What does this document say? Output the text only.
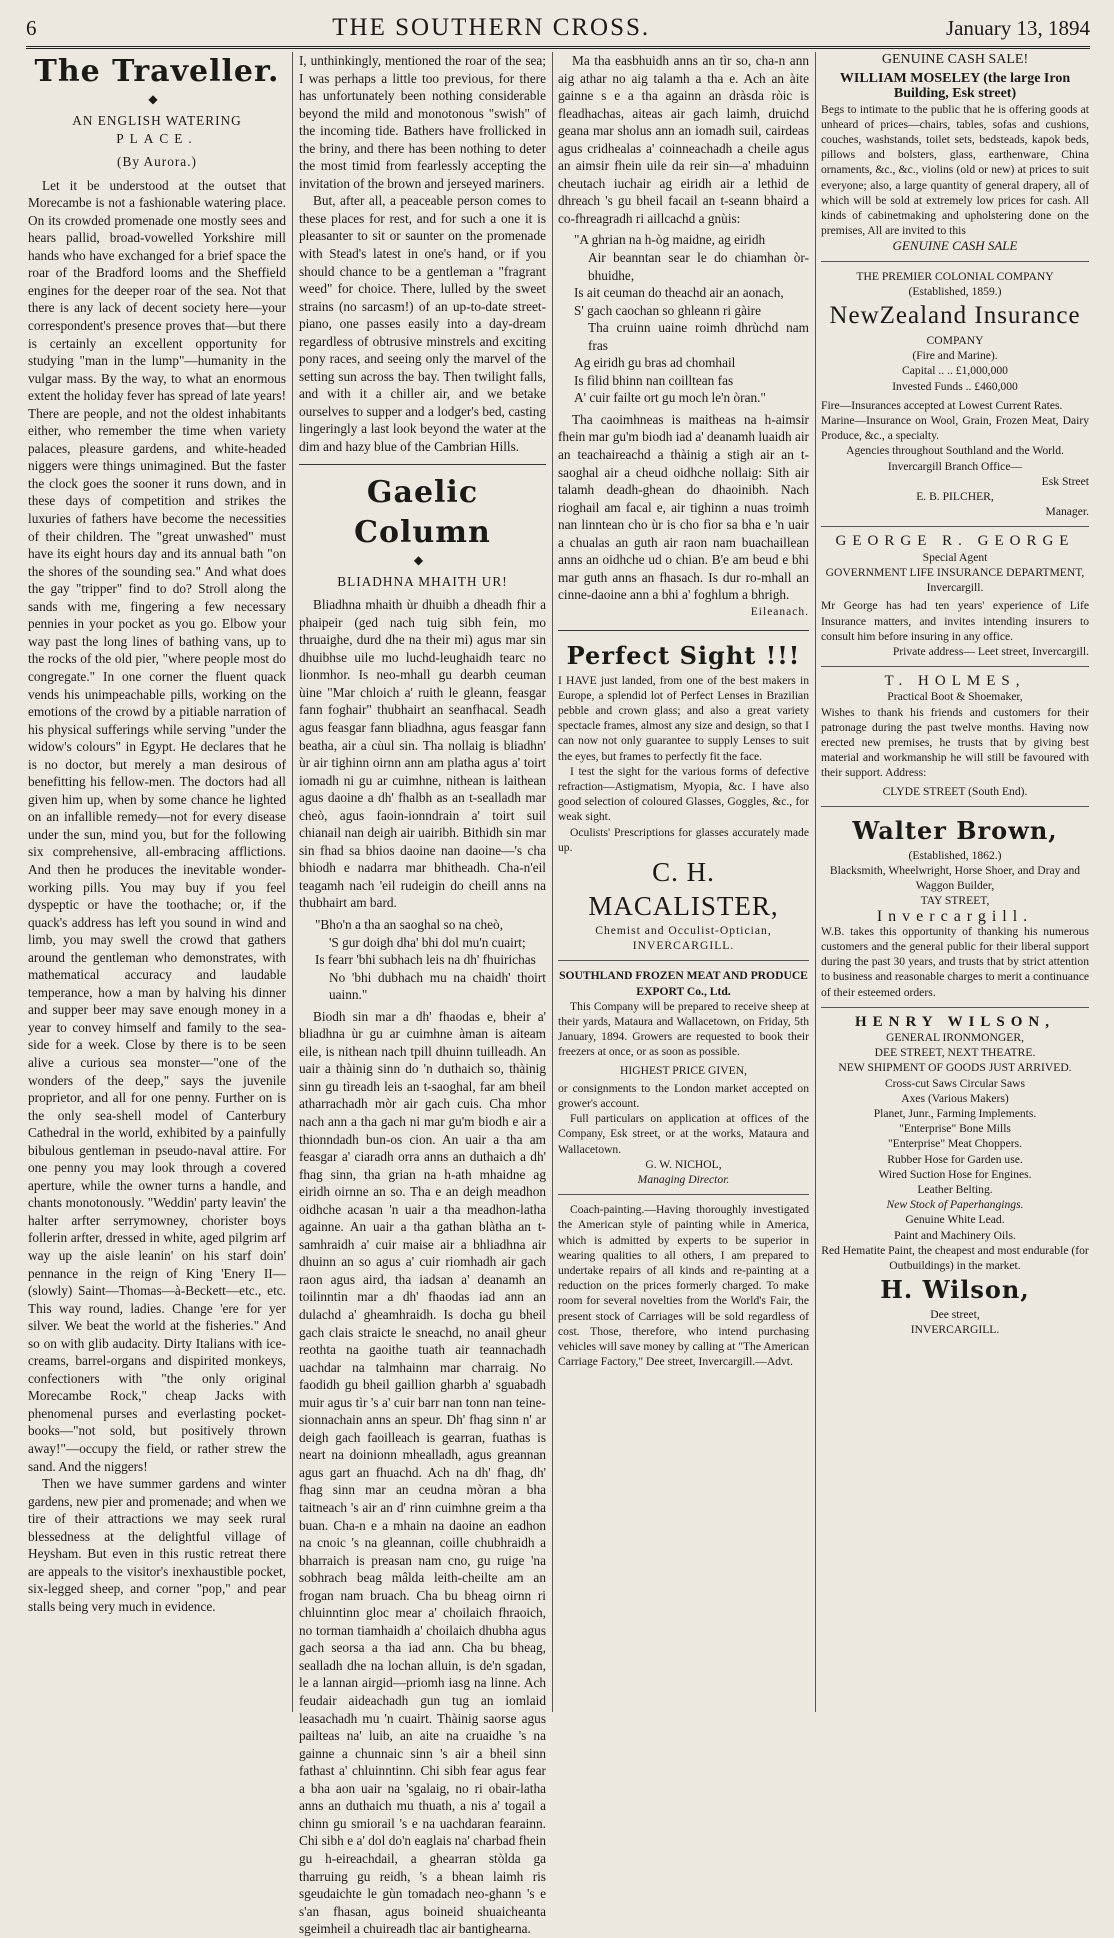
6	THE SOUTHERN CROSS.	January 13, 1894
The Traveller.
◆

AN ENGLISH WATERING

PLACE.

(By Aurora.)

Let it be understood at the outset that Morecambe is not a fashionable watering place. On its crowded promenade one mostly sees and hears pallid, broad-vowelled Yorkshire mill hands who have exchanged for a brief space the roar of the Bradford looms and the Sheffield engines for the deeper roar of the sea. Not that there is any lack of decent society here—your correspondent's presence proves that—but there is certainly an excellent opportunity for studying "man in the lump"—humanity in the vulgar mass. By the way, to what an enormous extent the holiday fever has spread of late years! There are people, and not the oldest inhabitants either, who remember the time when variety palaces, pleasure gardens, and white-headed niggers were things unimagined. But the faster the clock goes the sooner it runs down, and in these days of competition and strikes the luxuries of fathers have become the necessities of their children. The "great unwashed" must have its eight hours day and its annual bath "on the shores of the sounding sea." And what does the gay "tripper" find to do? Stroll along the sands with me, fingering a few necessary pennies in your pocket as you go. Elbow your way past the long lines of bathing vans, up to the rocks of the old pier, "where people most do congregate." In one corner the fluent quack vends his unimpeachable pills, working on the emotions of the crowd by a pitiable narration of his physical sufferings while serving "under the widow's colours" in Egypt. He declares that he is no doctor, but merely a man desirous of benefitting his fellow-men. The doctors had all given him up, when by some chance he lighted on an infallible remedy—not for every disease under the sun, mind you, but for the following six comprehensive, all-embracing afflictions. And then he produces the inevitable wonder-working pills. You may buy if you feel dyspeptic or have the toothache; or, if the quack's address has left you sound in wind and limb, you may swell the crowd that gathers around the gentleman who demonstrates, with mathematical accuracy and laudable temperance, how a man by halving his dinner and supper beer may save enough money in a year to convey himself and family to the sea-side for a week. Close by there is to be seen alive a curious sea monster—"one of the wonders of the deep," says the juvenile proprietor, and all for one penny. Further on is the only sea-shell model of Canterbury Cathedral in the world, exhibited by a painfully bibulous gentleman in pseudo-naval attire. For one penny you may look through a covered aperture, while the owner turns a handle, and chants monotonously. "Weddin' party leavin' the halter arfter serrymowney, chorister boys follerin arfter, dressed in white, aged pilgrim arf way up the aisle leanin' on his starf doin' pennance in the reign of King 'Enery II—(slowly) Saint—Thomas—à-Beckett—etc., etc. This way round, ladies. Change 'ere for yer silver. We beat the world at the fisheries." And so on with glib audacity. Dirty Italians with ice-creams, barrel-organs and dispirited monkeys, confectioners with "the only original Morecambe Rock," cheap Jacks with phenomenal purses and everlasting pocket-books—"not sold, but positively thrown away!"—occupy the field, or rather strew the sand. And the niggers!

Then we have summer gardens and winter gardens, new pier and promenade; and when we tire of their attractions we may seek rural blessedness at the delightful village of Heysham. But even in this rustic retreat there are appeals to the visitor's inexhaustible pocket, six-legged sheep, and corner "pop," and pear stalls being very much in evidence.

I, unthinkingly, mentioned the roar of the sea; I was perhaps a little too previous, for there has unfortunately been nothing considerable beyond the mild and monotonous "swish" of the incoming tide. Bathers have frollicked in the briny, and there has been nothing to deter the most timid from fearlessly accepting the invitation of the brown and jerseyed mariners.

But, after all, a peaceable person comes to these places for rest, and for such a one it is pleasanter to sit or saunter on the promenade with Stead's latest in one's hand, or if you should chance to be a gentleman a "fragrant weed" for choice. There, lulled by the sweet strains (no sarcasm!) of an up-to-date street-piano, one passes easily into a day-dream regardless of obtrusive minstrels and exciting pony races, and seeing only the marvel of the setting sun across the bay. Then twilight falls, and with it a chiller air, and we betake ourselves to supper and a lodger's bed, casting lingeringly a last look beyond the water at the dim and hazy blue of the Cambrian Hills.

Gaelic Column
◆

BLIADHNA MHAITH UR!

Bliadhna mhaith ùr dhuibh a dheadh fhir a phaipeir (ged nach tuig sibh fein, mo thruaighe, durd dhe na their mi) agus mar sin dhuibhse uile mo luchd-leughaidh tearc no lionmhor. Is neo-mhall gu dearbh ceuman ùine "Mar chloich a' ruith le gleann, feasgar fann foghair" thubhairt an seanfhacal. Seadh agus feasgar fann bliadhna, agus feasgar fann beatha, air a cùul sin. Tha nollaig is bliadhn' ùr air tighinn oirnn ann am platha agus a' toirt iomadh ni gu ar cuimhne, nithean is laithean agus daoine a dh' fhalbh as an t-sealladh mar cheò, agus faoin-ionndrain a' toirt suil chianail nan deigh air uairibh. Bithidh sin mar sin fhad sa bhios daoine nan daoine—'s cha bhiodh e nadarra mar bhitheadh. Cha-n'eil teagamh nach 'eil rudeigin do cheill anns na thubhairt am bard.

"Bho'n a tha an saoghal so na cheò,

'S gur doigh dha' bhi dol mu'n cuairt;

Is fearr 'bhi subhach leis na dh' fhuirichas

No 'bhi dubhach mu na chaidh' thoirt uainn."

Biodh sin mar a dh' fhaodas e, bheir a' bliadhna ùr gu ar cuimhne àman is aiteam eile, is nithean nach tpill dhuinn tuilleadh. An uair a thàinig sinn do 'n duthaich so, thàinig sinn gu tìreadh leis an t-saoghal, far am bheil atharrachadh mòr air gach cuis. Cha mhor nach ann a tha gach ni mar gu'm biodh e air a thionndadh bun-os cion. An uair a tha am feasgar a' ciaradh orra anns an duthaich a dh' fhag sinn, tha grian na h-ath mhaidne ag eiridh oirnne an so. Tha e an deigh meadhon oidhche acasan 'n uair a tha meadhon-latha againne. An uair a tha gathan blàtha an t-samhraidh a' cuir maise air a bhliadhna air dhuinn an so agus a' cuir riomhadh air gach raon agus aird, tha iadsan a' deanamh an toilinntin mar a dh' fhaodas iad ann an dulachd a' gheamhraidh. Is docha gu bheil gach clais straicte le sneachd, no anail gheur reothta na gaoithe tuath air teannachadh uachdar na talmhainn mar charraig. No faodidh gu bheil gaillion gharbh a' sguabadh muir agus tìr 's a' cuir barr nan tonn nan teine-sionnachain anns an speur. Dh' fhag sinn n' ar deigh gach faoilleach is gearran, fuathas is neart na doinionn mhealladh, agus greannan agus gart an fhuachd. Ach na dh' fhag, dh' fhag sinn mar an ceudna mòran a bha taitneach 's air an d' rinn cuimhne greim a tha buan. Cha-n e a mhain na daoine an eadhon na cnoic 's na gleannan, coille chubhraidh a bharraich is preasan nam cno, gu ruige 'na sobhrach beag mâlda leith-cheilte am an frogan nam bruach. Cha bu bheag oirnn ri chluinntinn gloc mear a' choilaich fhraoich, no torman tiamhaidh a' choilaich dhubha agus gach seorsa a tha iad ann. Cha bu bheag, sealladh dhe na lochan alluin, is de'n sgadan, le a lannan airgid—priomh iasg na linne. Ach feudair aideachadh gun tug an iomlaid leasachadh mu 'n cuairt. Thàinig saorse agus pailteas na' luib, an aite na cruaidhe 's na gainne a chunnaic sinn 's air a bheil sinn fathast a' chluinntinn. Chi sibh fear agus fear a bha aon uair na 'sgalaig, no ri obair-latha anns an duthaich mu thuath, a nis a' togail a chinn gu smiorail 's e na uachdaran fearainn. Chi sibh e a' dol do'n eaglais na' charbad fhein gu h-eireachdail, a ghearran stòlda ga tharruing gu reidh, 's a bhean laimh ris sgeudaichte le gùn tomadach neo-ghann 's e s'an fhasan, agus boineid shuaicheanta sgeimheil a chuireadh tlac air bantighearna.

Ma tha easbhuidh anns an tìr so, cha-n ann aig athar no aig talamh a tha e. Ach an àite gainne s e a tha againn an dràsda ròic is fleadhachas, aiteas air gach laimh, druichd geana mar sholus ann an iomadh suil, cairdeas agus cridhealas a' coinneachadh a cheile agus an aimsir fhein uile da reir sin—a' mhaduinn cheutach iuchair ag eiridh air a lethid de dhreach 's gu bheil facail an t-seann bhaird a co-fhreagradh ri aillcachd a gnùis:

"A ghrian na h-òg maidne, ag eiridh

Air beanntan sear le do chiamhan òr-bhuidhe,

Is ait ceuman do theachd air an aonach,

S' gach caochan so ghleann ri gàire

Tha cruinn uaine roimh dhrùchd nam fras

Ag eiridh gu bras ad chomhail

Is fìlid bhinn nan coilltean fas

A' cuir failte ort gu moch le'n òran."

Tha caoimhneas is maitheas na h-aimsir fhein mar gu'm biodh iad a' deanamh luaidh air an teachaireachd a thàinig a stigh air an t-saoghal air a cheud oidhche nollaig: Sith air talamh deadh-ghean do dhaoinibh. Nach rioghail am facal e, air tighinn a nuas troimh nan linntean cho ùr is cho fìor sa bha e 'n uair a chualas an guth air raon nam buachaillean anns an oidhche ud o chian. B'e am beud e bhi mar guth anns an fhasach. Is dur ro-mhall an cinne-daoine ann a bhi a' foghlum a bhrigh.

Eileanach.

Perfect Sight !!!

I HAVE just landed, from one of the best makers in Europe, a splendid lot of Perfect Lenses in Brazilian pebble and crown glass; and also a great variety spectacle frames, almost any size and design, so that I can now not only guarantee to supply Lenses to suit the eyes, but frames to perfectly fit the face.

I test the sight for the various forms of defective refraction—Astigmatism, Myopia, &c. I have also good selection of coloured Glasses, Goggles, &c., for weak sight.

Oculists' Prescriptions for glasses accurately made up.

C. H. MACALISTER,

Chemist and Occulist-Optician,

INVERCARGILL.

SOUTHLAND FROZEN MEAT AND PRODUCE EXPORT Co., Ltd.

This Company will be prepared to receive sheep at their yards, Mataura and Wallacetown, on Friday, 5th January, 1894. Growers are requested to book their freezers at once, or as soon as possible.

HIGHEST PRICE GIVEN,

or consignments to the London market accepted on grower's account.

Full particulars on application at offices of the Company, Esk street, or at the works, Mataura and Wallacetown.

G. W. NICHOL,

Managing Director.

Coach-painting.—Having thoroughly investigated the American style of painting while in America, which is admitted by experts to be superior in wearing qualities to all others, I am prepared to undertake repairs of all kinds and re-painting at a reduction on the prices formerly charged. To make room for several novelties from the World's Fair, the present stock of Carriages will be sold regardless of cost. Those, therefore, who intend purchasing vehicles will save money by calling at "The American Carriage Factory," Dee street, Invercargill.—Advt.

GENUINE CASH SALE!

WILLIAM MOSELEY (the large Iron Building, Esk street)

Begs to intimate to the public that he is offering goods at unheard of prices—chairs, tables, sofas and cushions, couches, washstands, toilet sets, bedsteads, kapok beds, pillows and bolsters, glass, earthenware, China ornaments, &c., &c., violins (old or new) at prices to suit everyone; also, a large quantity of general drapery, all of which will be sold at extremely low prices for cash. All kinds of cabinetmaking and upholstering done on the premises, All are invited to this

GENUINE CASH SALE

THE PREMIER COLONIAL COMPANY

(Established, 1859.)

NewZealand Insurance

COMPANY

(Fire and Marine).

Capital .. .. £1,000,000

Invested Funds .. £460,000

Fire—Insurances accepted at Lowest Current Rates.

Marine—Insurance on Wool, Grain, Frozen Meat, Dairy Produce, &c., a specialty.

Agencies throughout Southland and the World.

Invercargill Branch Office—

Esk Street

E. B. PILCHER,

Manager.

GEORGE R. GEORGE

Special Agent

GOVERNMENT LIFE INSURANCE DEPARTMENT,

Invercargill.

Mr George has had ten years' experience of Life Insurance matters, and invites intending insurers to consult him before insuring in any office.

Private address— Leet street, Invercargill.

T. HOLMES,

Practical Boot & Shoemaker,

Wishes to thank his friends and customers for their patronage during the past twelve months. Having now erected new premises, he trusts that by giving best material and workmanship he will still be favoured with their support. Address:

CLYDE STREET (South End).

Walter Brown,

(Established, 1862.)

Blacksmith, Wheelwright, Horse Shoer, and Dray and Waggon Builder,

TAY STREET,

Invercargill.

W.B. takes this opportunity of thanking his numerous customers and the general public for their liberal support during the past 30 years, and trusts that by strict attention to business and reasonable charges to merit a continuance of their esteemed orders.

HENRY WILSON,

GENERAL IRONMONGER,

DEE STREET, NEXT THEATRE.

NEW SHIPMENT OF GOODS JUST ARRIVED.

Cross-cut Saws Circular Saws

Axes (Various Makers)

Planet, Junr., Farming Implements.

"Enterprise" Bone Mills

"Enterprise" Meat Choppers.

Rubber Hose for Garden use.

Wired Suction Hose for Engines.

Leather Belting.

New Stock of Paperhangings.

Genuine White Lead.

Paint and Machinery Oils.

Red Hematite Paint, the cheapest and most endurable (for Outbuildings) in the market.

H. Wilson,

Dee street,

INVERCARGILL.
